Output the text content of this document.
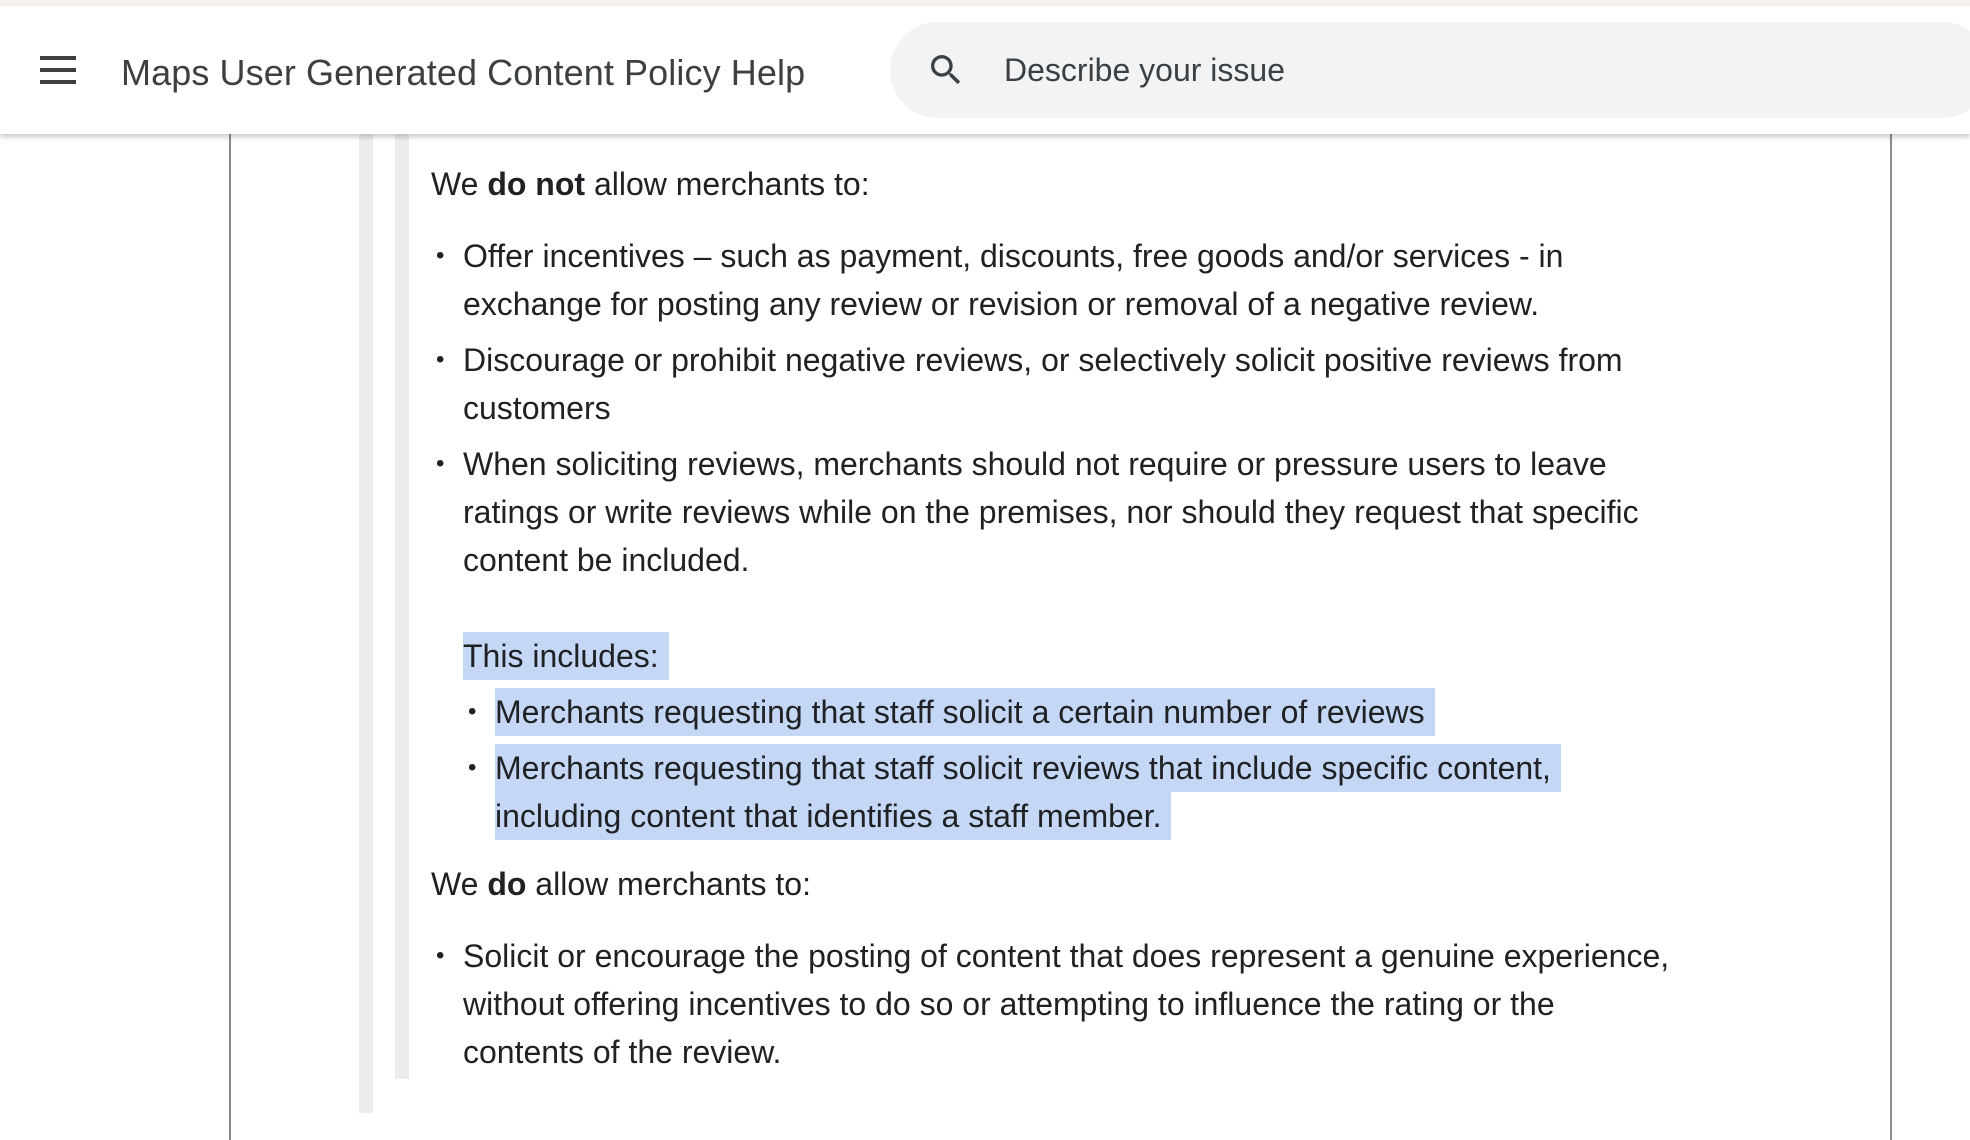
Maps User Generated Content Policy Help
Describe your issue

We do not allow merchants to:

• Offer incentives – such as payment, discounts, free goods and/or services - in
exchange for posting any review or revision or removal of a negative review.
• Discourage or prohibit negative reviews, or selectively solicit positive reviews from
customers
• When soliciting reviews, merchants should not require or pressure users to leave
ratings or write reviews while on the premises, nor should they request that specific
content be included.
This includes:
• Merchants requesting that staff solicit a certain number of reviews
• Merchants requesting that staff solicit reviews that include specific content,
including content that identifies a staff member.

We do allow merchants to:

• Solicit or encourage the posting of content that does represent a genuine experience,
without offering incentives to do so or attempting to influence the rating or the
contents of the review.
